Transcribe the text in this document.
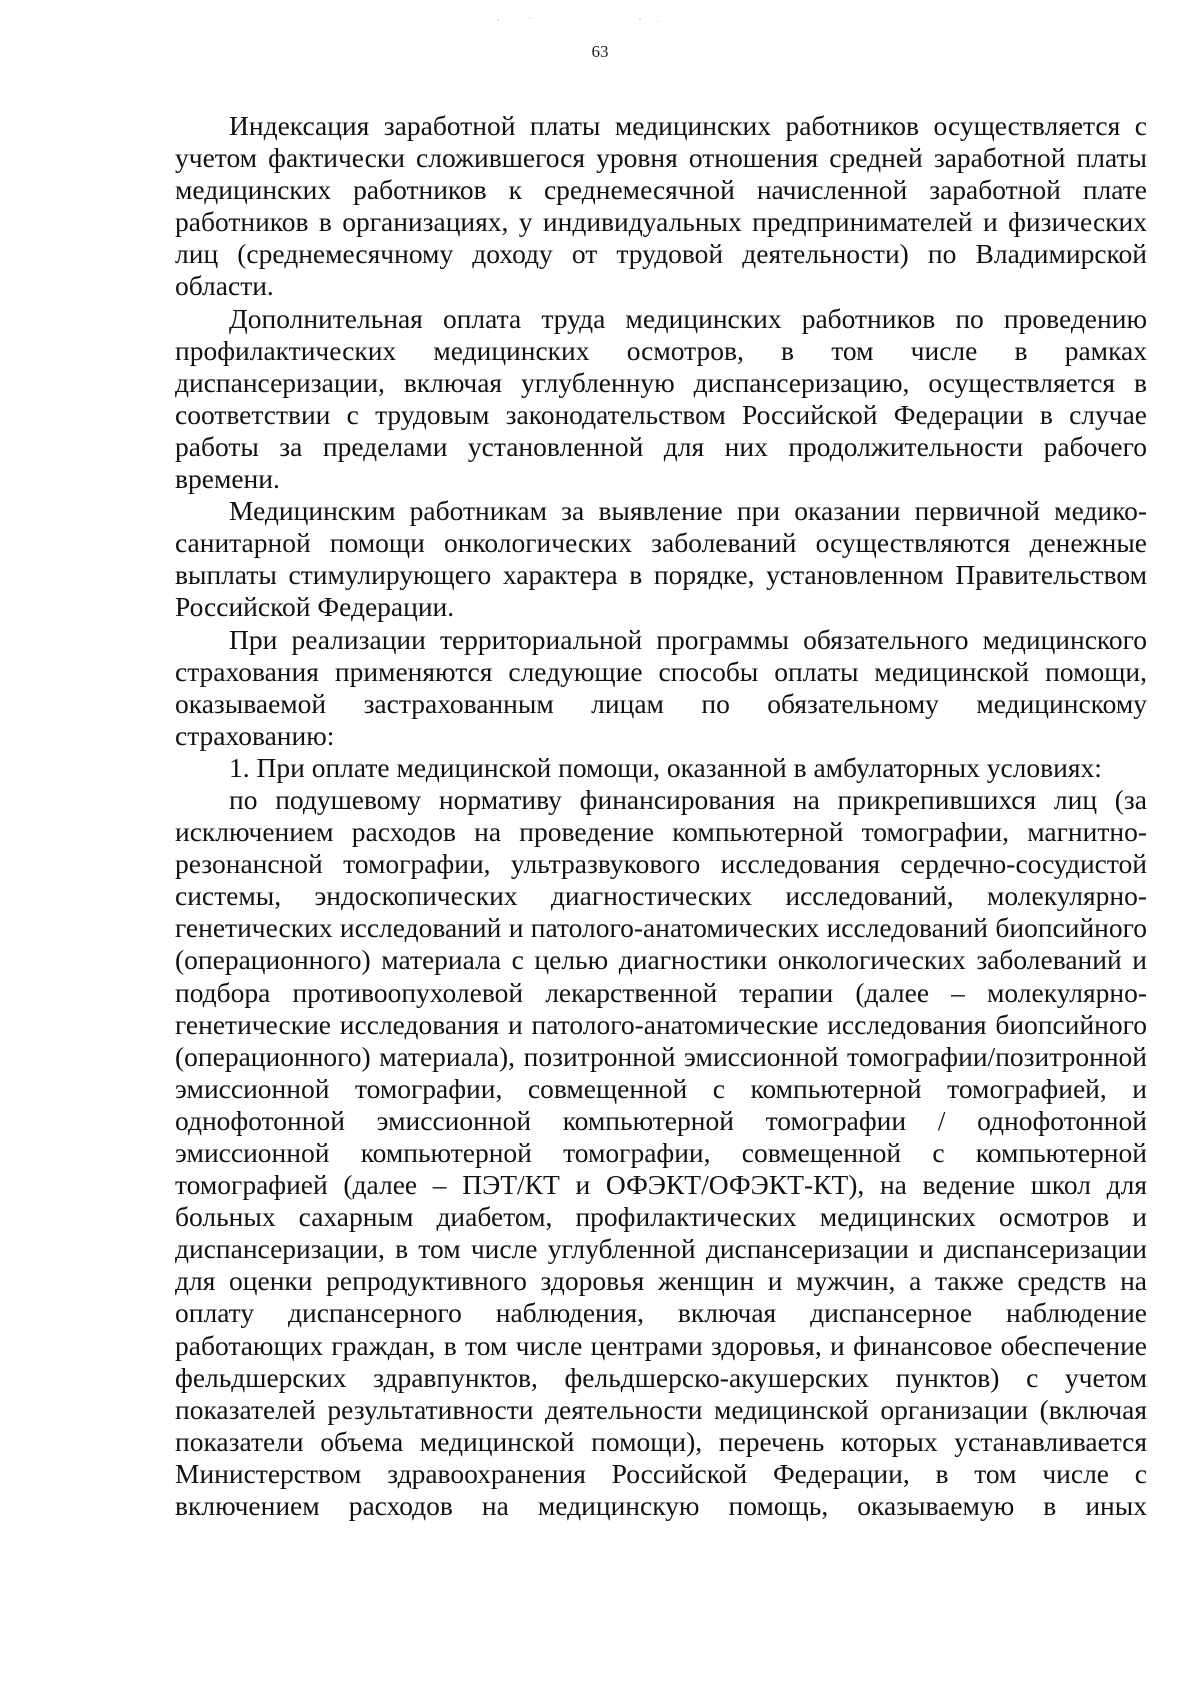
63

Индексация заработной платы медицинских работников осуществляется с учетом фактически сложившегося уровня отношения средней заработной платы медицинских работников к среднемесячной начисленной заработной плате работников в организациях, у индивидуальных предпринимателей и физических лиц (среднемесячному доходу от трудовой деятельности) по Владимирской области.

Дополнительная оплата труда медицинских работников по проведению профилактических медицинских осмотров, в том числе в рамках диспансеризации, включая углубленную диспансеризацию, осуществляется в соответствии с трудовым законодательством Российской Федерации в случае работы за пределами установленной для них продолжительности рабочего времени.

Медицинским работникам за выявление при оказании первичной медико-санитарной помощи онкологических заболеваний осуществляются денежные выплаты стимулирующего характера в порядке, установленном Правительством Российской Федерации.

При реализации территориальной программы обязательного медицинского страхования применяются следующие способы оплаты медицинской помощи, оказываемой застрахованным лицам по обязательному медицинскому страхованию:

1. При оплате медицинской помощи, оказанной в амбулаторных условиях:

по подушевому нормативу финансирования на прикрепившихся лиц (за исключением расходов на проведение компьютерной томографии, магнитно-резонансной томографии, ультразвукового исследования сердечно-сосудистой системы, эндоскопических диагностических исследований, молекулярно-генетических исследований и патолого-анатомических исследований биопсийного (операционного) материала с целью диагностики онкологических заболеваний и подбора противоопухолевой лекарственной терапии (далее – молекулярно-генетические исследования и патолого-анатомические исследования биопсийного (операционного) материала), позитронной эмиссионной томографии/позитронной эмиссионной томографии, совмещенной с компьютерной томографией, и однофотонной эмиссионной компьютерной томографии / однофотонной эмиссионной компьютерной томографии, совмещенной с компьютерной томографией (далее – ПЭТ/КТ и ОФЭКТ/ОФЭКТ-КТ), на ведение школ для больных сахарным диабетом, профилактических медицинских осмотров и диспансеризации, в том числе углубленной диспансеризации и диспансеризации для оценки репродуктивного здоровья женщин и мужчин, а также средств на оплату диспансерного наблюдения, включая диспансерное наблюдение работающих граждан, в том числе центрами здоровья, и финансовое обеспечение фельдшерских здравпунктов, фельдшерско-акушерских пунктов) с учетом показателей результативности деятельности медицинской организации (включая показатели объема медицинской помощи), перечень которых устанавливается Министерством здравоохранения Российской Федерации, в том числе с включением расходов на медицинскую помощь, оказываемую в иных
